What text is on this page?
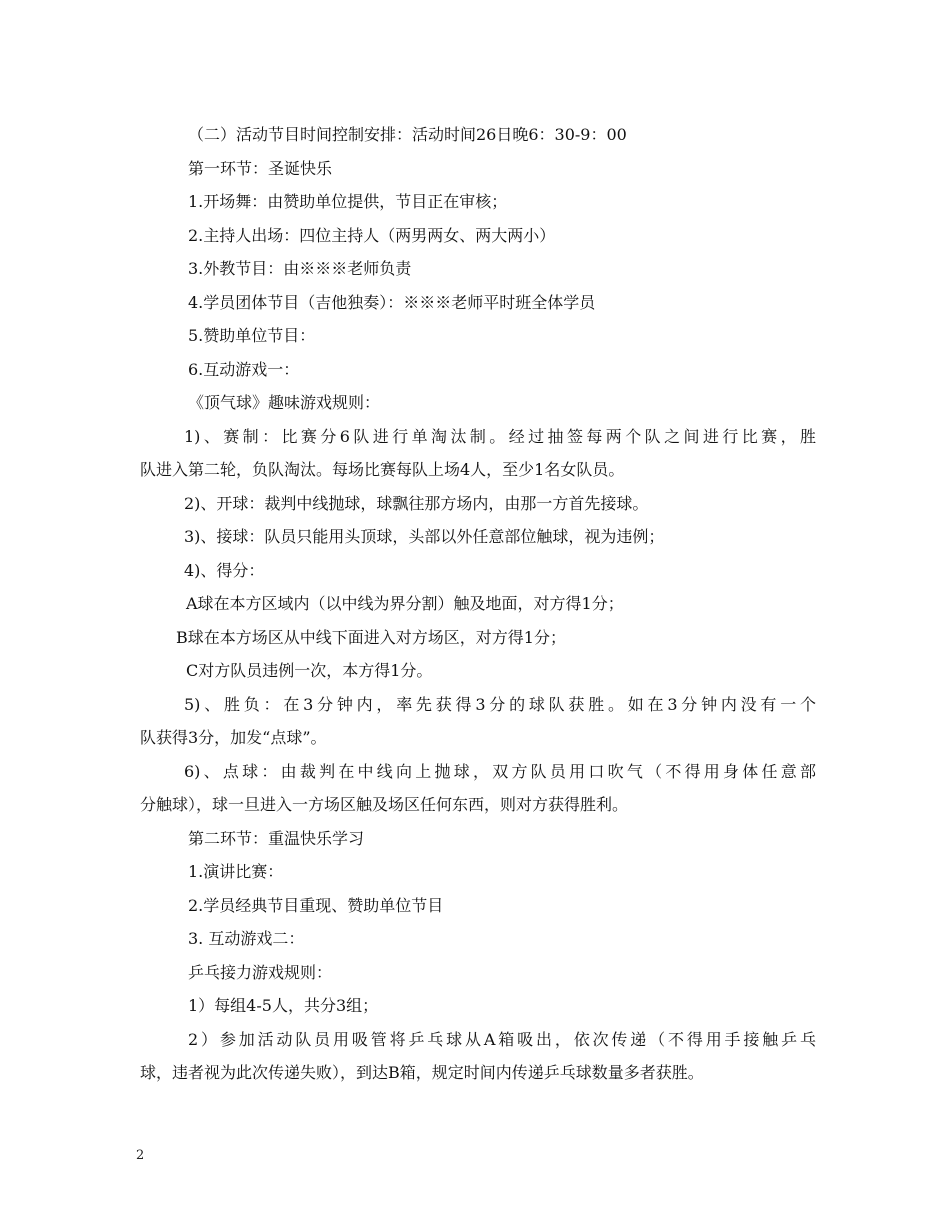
（二）活动节目时间控制安排：活动时间26日晚6：30-9：00
第一环节：圣诞快乐
1.开场舞：由赞助单位提供，节目正在审核；
2.主持人出场：四位主持人（两男两女、两大两小）
3.外教节目：由※※※老师负责
4.学员团体节目（吉他独奏）：※※※老师平时班全体学员
5.赞助单位节目：
6.互动游戏一：
《顶气球》趣味游戏规则：
1)、赛制：比赛分6队进行单淘汰制。经过抽签每两个队之间进行比赛，胜
队进入第二轮，负队淘汰。每场比赛每队上场4人，至少1名女队员。
2)、开球：裁判中线抛球，球飘往那方场内，由那一方首先接球。
3)、接球：队员只能用头顶球，头部以外任意部位触球，视为违例；
4)、得分：
A球在本方区域内（以中线为界分割）触及地面，对方得1分；
B球在本方场区从中线下面进入对方场区，对方得1分；
C对方队员违例一次，本方得1分。
5)、胜负：在3分钟内，率先获得3分的球队获胜。如在3分钟内没有一个
队获得3分，加发“点球”。
6)、点球：由裁判在中线向上抛球，双方队员用口吹气（不得用身体任意部
分触球），球一旦进入一方场区触及场区任何东西，则对方获得胜利。
第二环节：重温快乐学习
1.演讲比赛：
2.学员经典节目重现、赞助单位节目
3. 互动游戏二：
乒乓接力游戏规则：
1）每组4-5人，共分3组；
2）参加活动队员用吸管将乒乓球从A箱吸出，依次传递（不得用手接触乒乓
球，违者视为此次传递失败），到达B箱，规定时间内传递乒乓球数量多者获胜。
2
